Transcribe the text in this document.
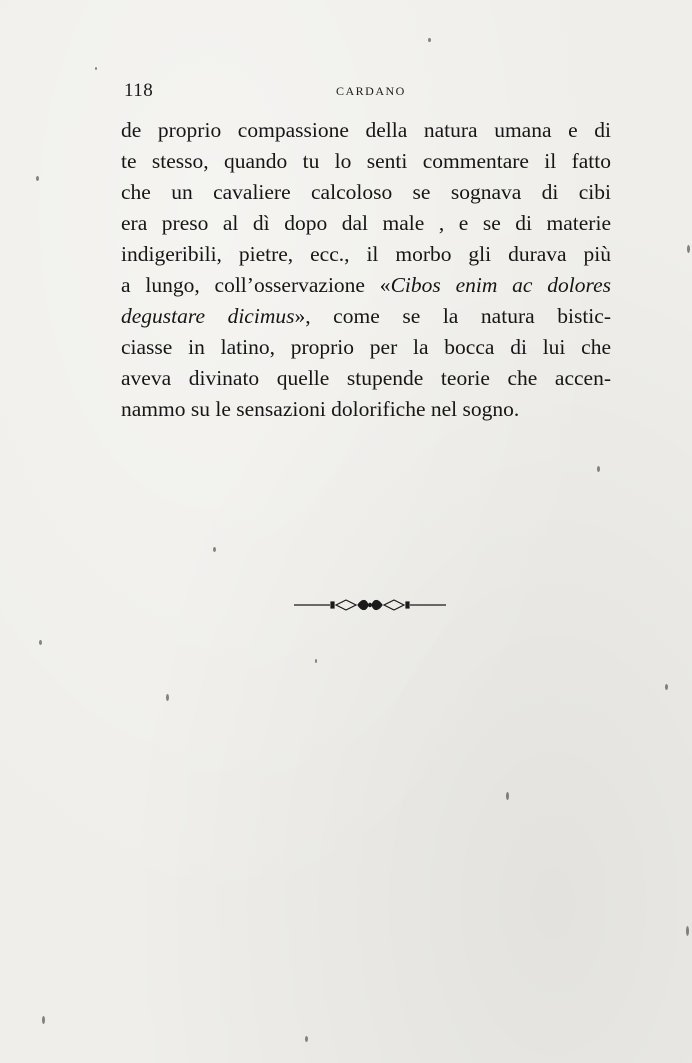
118	CARDANO
de proprio compassione della natura umana e di
te stesso, quando tu lo senti commentare il fatto
che un cavaliere calcoloso se sognava di cibi
era preso al dì dopo dal male , e se di materie
indigeribili, pietre, ecc., il morbo gli durava più
a lungo, coll’osservazione «Cibos enim ac dolores
degustare dicimus», come se la natura bistic-
ciasse in latino, proprio per la bocca di lui che
aveva divinato quelle stupende teorie che accen-
nammo su le sensazioni dolorifiche nel sogno.
